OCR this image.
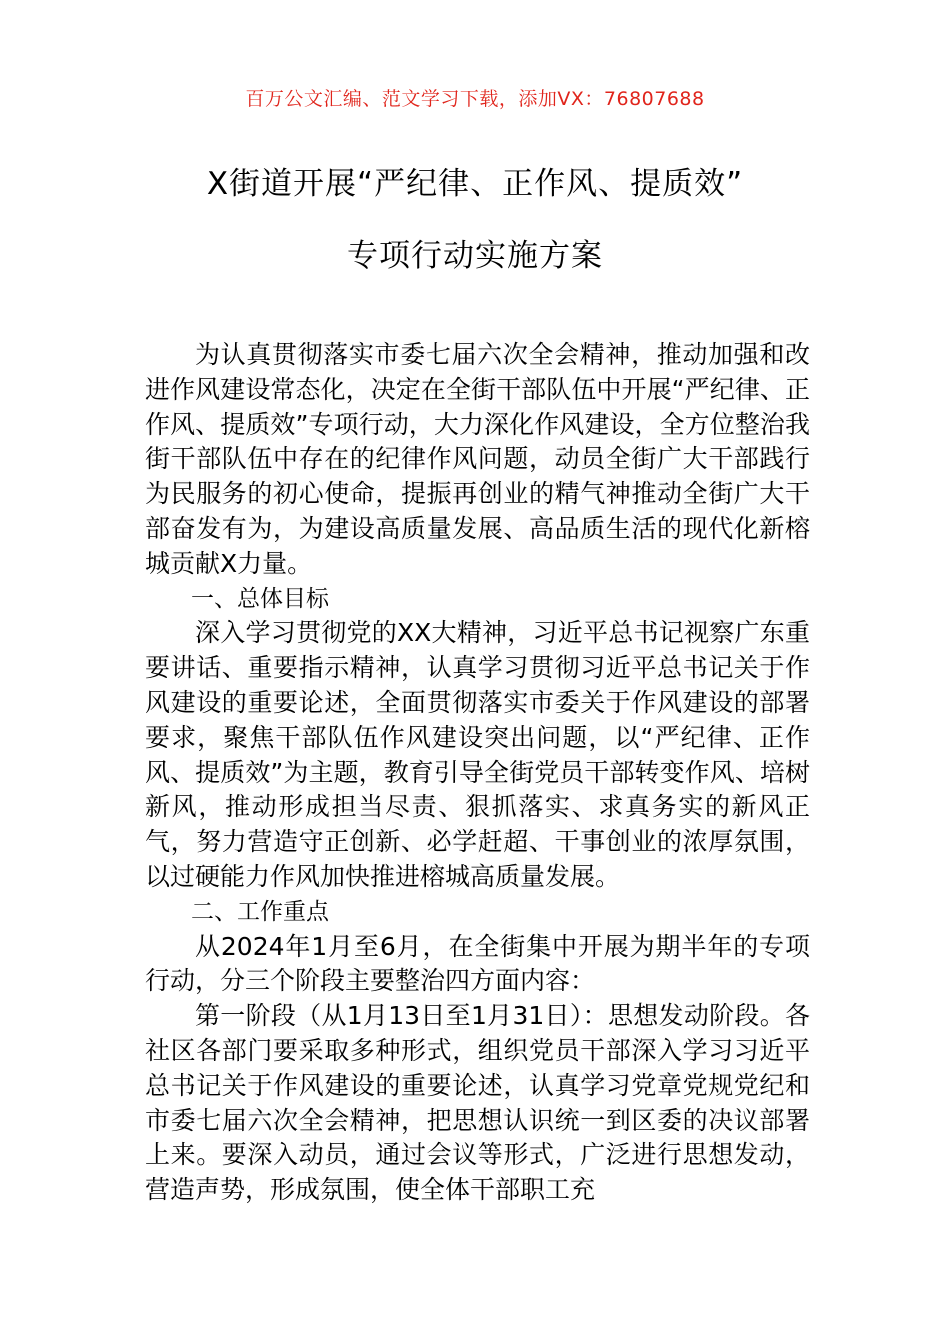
百万公文汇编、范文学习下载，添加VX：76807688
X街道开展“严纪律、正作风、提质效”
专项行动实施方案

为认真贯彻落实市委七届六次全会精神，推动加强和改进作风建设常态化，决定在全街干部队伍中开展“严纪律、正作风、提质效”专项行动，大力深化作风建设，全方位整治我街干部队伍中存在的纪律作风问题，动员全街广大干部践行为民服务的初心使命，提振再创业的精气神推动全街广大干部奋发有为，为建设高质量发展、高品质生活的现代化新榕城贡献X力量。

一、总体目标

深入学习贯彻党的XX大精神，习近平总书记视察广东重要讲话、重要指示精神，认真学习贯彻习近平总书记关于作风建设的重要论述，全面贯彻落实市委关于作风建设的部署要求，聚焦干部队伍作风建设突出问题，以“严纪律、正作风、提质效”为主题，教育引导全街党员干部转变作风、培树新风，推动形成担当尽责、狠抓落实、求真务实的新风正气，努力营造守正创新、必学赶超、干事创业的浓厚氛围，以过硬能力作风加快推进榕城高质量发展。

二、工作重点

从2024年1月至6月，在全街集中开展为期半年的专项行动，分三个阶段主要整治四方面内容：

第一阶段（从1月13日至1月31日）：思想发动阶段。各社区各部门要采取多种形式，组织党员干部深入学习习近平总书记关于作风建设的重要论述，认真学习党章党规党纪和市委七届六次全会精神，把思想认识统一到区委的决议部署上来。要深入动员，通过会议等形式，广泛进行思想发动，营造声势，形成氛围，使全体干部职工充
